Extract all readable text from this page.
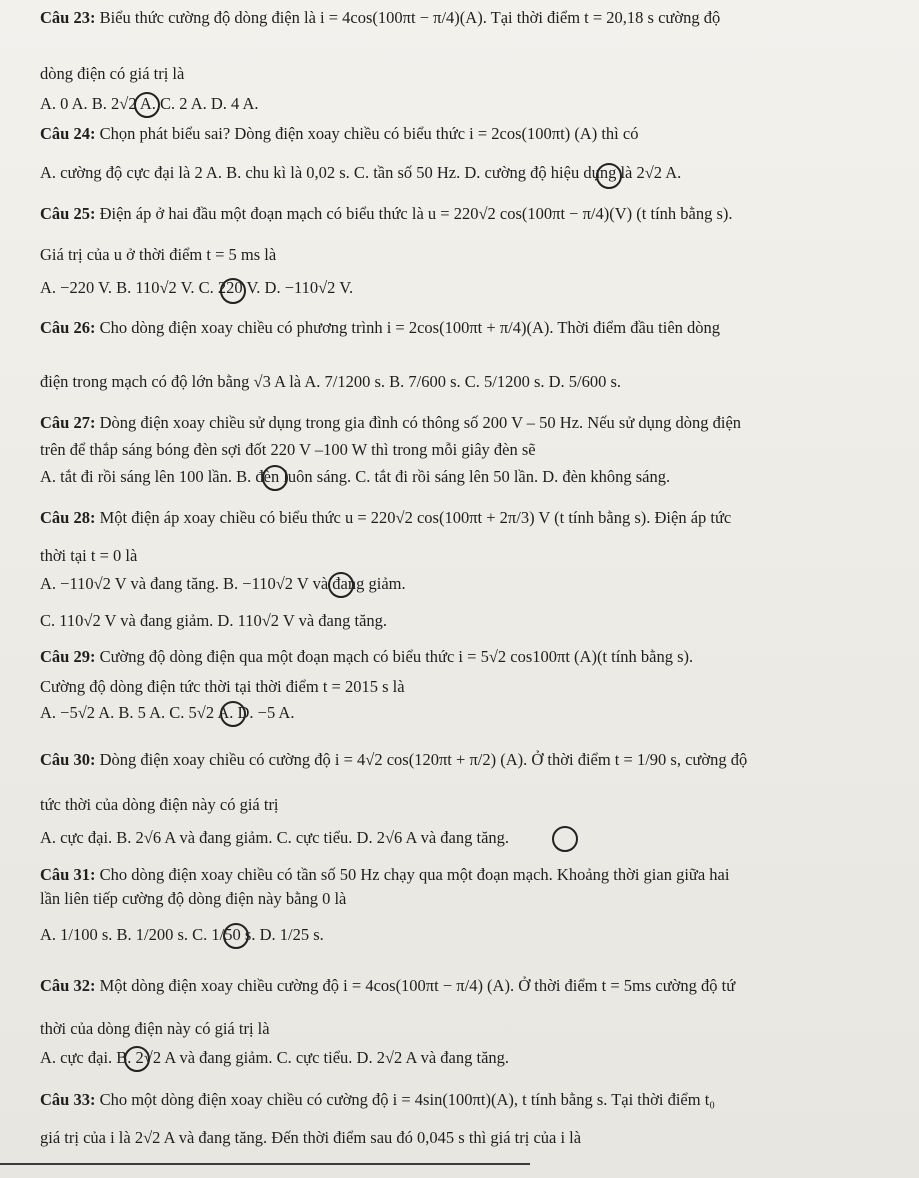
Câu 23: Biểu thức cường độ dòng điện là i = 4cos(100πt − π/4)(A). Tại thời điểm t = 20,18 s cường độ
dòng điện có giá trị là
A. 0 A. B. 2√2 A. C. 2 A. D. 4 A.
Câu 24: Chọn phát biểu sai? Dòng điện xoay chiều có biểu thức i = 2cos(100πt) (A) thì có
A. cường độ cực đại là 2 A. B. chu kì là 0,02 s. C. tần số 50 Hz. D. cường độ hiệu dụng là 2√2 A.
Câu 25: Điện áp ở hai đầu một đoạn mạch có biểu thức là u = 220√2 cos(100πt − π/4)(V) (t tính bằng s).
Giá trị của u ở thời điểm t = 5 ms là
A. −220 V. B. 110√2 V. C. 220 V. D. −110√2 V.
Câu 26: Cho dòng điện xoay chiều có phương trình i = 2cos(100πt + π/4)(A). Thời điểm đầu tiên dòng
điện trong mạch có độ lớn bằng √3 A là A. 7/1200 s. B. 7/600 s. C. 5/1200 s. D. 5/600 s.
Câu 27: Dòng điện xoay chiều sử dụng trong gia đình có thông số 200 V – 50 Hz. Nếu sử dụng dòng điện
trên để thắp sáng bóng đèn sợi đốt 220 V –100 W thì trong mỗi giây đèn sẽ
A. tắt đi rồi sáng lên 100 lần. B. đèn luôn sáng. C. tắt đi rồi sáng lên 50 lần. D. đèn không sáng.
Câu 28: Một điện áp xoay chiều có biểu thức u = 220√2 cos(100πt + 2π/3) V (t tính bằng s). Điện áp tức
thời tại t = 0 là
A. −110√2 V và đang tăng. B. −110√2 V và đang giảm.
C. 110√2 V và đang giảm. D. 110√2 V và đang tăng.
Câu 29: Cường độ dòng điện qua một đoạn mạch có biểu thức i = 5√2 cos100πt (A)(t tính bằng s).
Cường độ dòng điện tức thời tại thời điểm t = 2015 s là
A. −5√2 A. B. 5 A. C. 5√2 A. D. −5 A.
Câu 30: Dòng điện xoay chiều có cường độ i = 4√2 cos(120πt + π/2) (A). Ở thời điểm t = 1/90 s, cường độ
tức thời của dòng điện này có giá trị
A. cực đại. B. 2√6 A và đang giảm. C. cực tiểu. D. 2√6 A và đang tăng.
Câu 31: Cho dòng điện xoay chiều có tần số 50 Hz chạy qua một đoạn mạch. Khoảng thời gian giữa hai
lần liên tiếp cường độ dòng điện này bằng 0 là
A. 1/100 s. B. 1/200 s. C. 1/50 s. D. 1/25 s.
Câu 32: Một dòng điện xoay chiều cường độ i = 4cos(100πt − π/4) (A). Ở thời điểm t = 5ms cường độ tứ
thời của dòng điện này có giá trị là
A. cực đại. B. 2√2 A và đang giảm. C. cực tiểu. D. 2√2 A và đang tăng.
Câu 33: Cho một dòng điện xoay chiều có cường độ i = 4sin(100πt)(A), t tính bằng s. Tại thời điểm t₀
giá trị của i là 2√2 A và đang tăng. Đến thời điểm sau đó 0,045 s thì giá trị của i là
